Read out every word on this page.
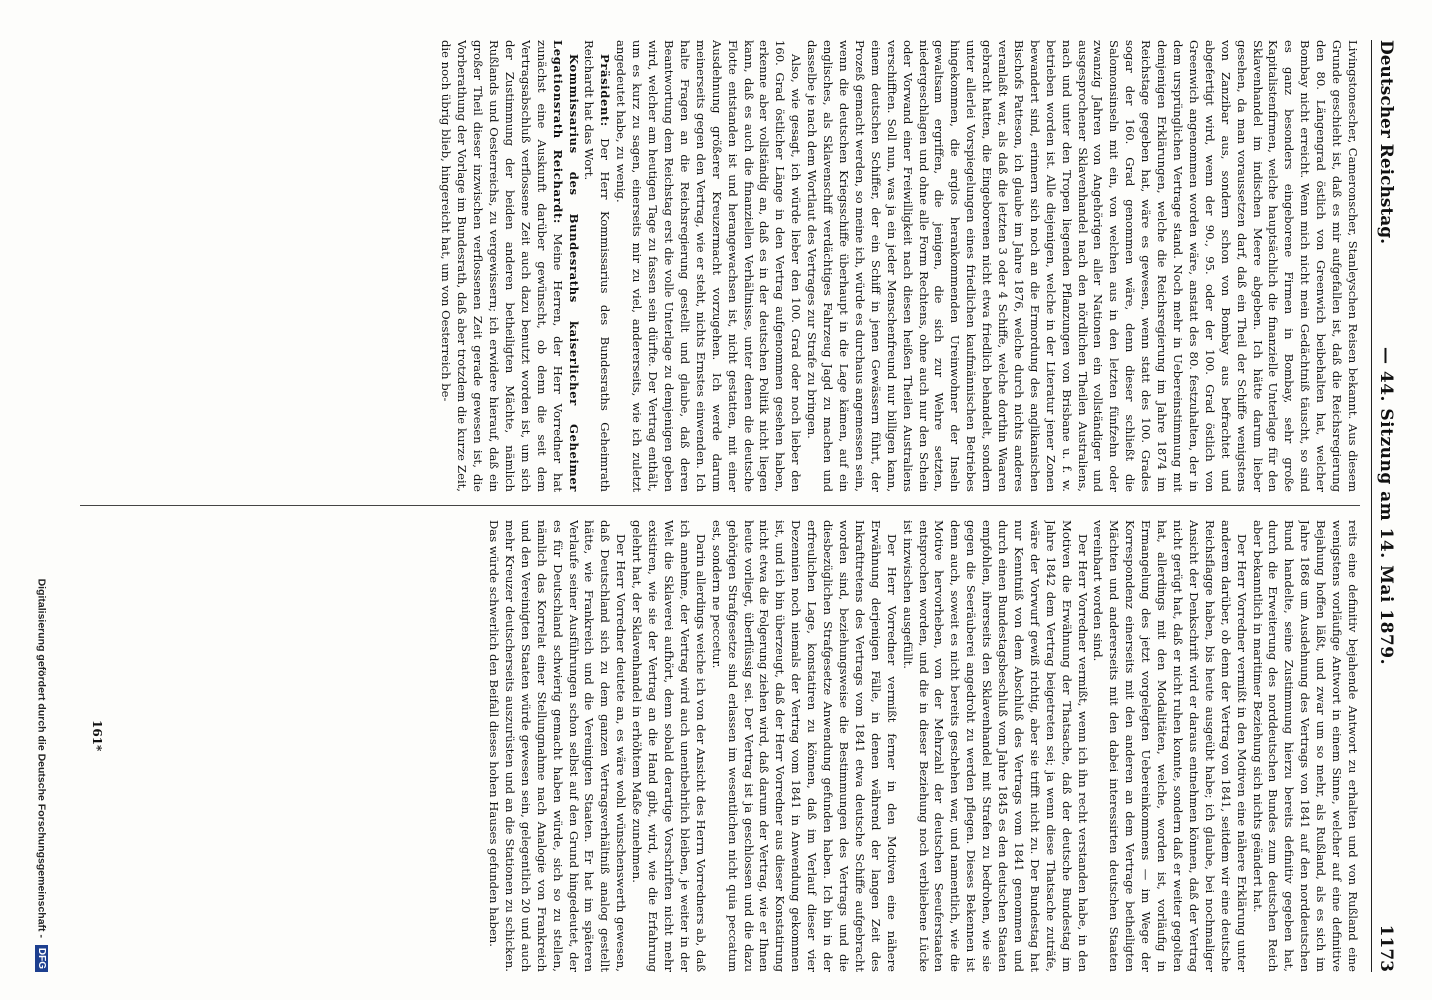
Deutscher Reichstag.
— 44. Sitzung am 14. Mai 1879.
1173

Livingstonescher, Cameronscher, Stanleyschen Reisen bekannt. Aus diesem Grunde geschieht ist, daß es mir aufgefallen ist, daß die Reichsregierung den 80. Längengrad östlich von Greenwich beibehalten hat, welcher Bombay nicht erreicht. Wenn mich nicht mein Gedächtniß täuscht, so sind es ganz besonders eingeborene Firmen in Bombay, sehr große Kapitalistenfirmen, welche hauptsächlich die finanzielle Unterlage für den Sklavenhandel im indischen Meere abgeben. Ich hätte darum lieber gesehen, da man voraussetzen darf, daß ein Theil der Schiffe wenigstens von Zanzibar aus, sondern schon von Bombay aus befrachtet und abgefertigt wird, wenn der 90., 95. oder der 100. Grad östlich von Greenwich angenommen worden wäre, anstatt des 80. festzuhalten, der in dem ursprünglichen Vertrage stand. Noch mehr in Uebereinstimmung mit demjenigen Erklärungen, welche die Reichsregierung im Jahre 1874 im Reichstage gegeben hat, wäre es gewesen, wenn statt des 100. Grades sogar der 160. Grad genommen wäre, denn dieser schließt die Salomonsinseln mit ein, von welchen aus in den letzten fünfzehn oder zwanzig Jahren von Angehörigen aller Nationen ein vollständiger und ausgesprochener Sklavenhandel nach den nördlichen Theilen Australiens, nach und unter den Tropen liegenden Pflanzungen von Brisbane u. f. w. betrieben worden ist. Alle diejenigen, welche in der Literatur jener Zonen bewandert sind, erinnern sich noch an die Ermordung des anglikanischen Bischofs Patteson, ich glaube im Jahre 1876, welche durch nichts anderes veranlaßt war, als daß die letzten 3 oder 4 Schiffe, welche dorthin Waaren gebracht hatten, die Eingeborenen nicht etwa friedlich behandelt, sondern unter allerlei Vorspiegelungen eines friedlichen kaufmännischen Betriebes hingekommen, die arglos herankommenden Ureinwohner der Inseln gewaltsam ergriffen, die jenigen, die sich zur Wehre setzten, niedergeschlagen und ohne alle Form Rechtens, ohne auch nur den Schein oder Vorwand einer Freiwilligkeit nach diesen heißen Theilen Australiens verschifften. Soll nun, was ja ein jeder Menschenfreund nur billigen kann, einem deutschen Schiffer, der ein Schiff in jenen Gewässern führt, der Prozeß gemacht werden, so meine ich, würde es durchaus angemessen sein, wenn die deutschen Kriegsschiffe überhaupt in die Lage kämen, auf ein englisches, als Sklavenschiff verdächtiges Fahrzeug Jagd zu machen und dasselbe je nach dem Wortlaut des Vertrages zur Strafe zu bringen.

Also, wie gesagt, ich würde lieber den 100. Grad oder noch lieber den 160. Grad östlicher Länge in den Vertrag aufgenommen gesehen haben, erkenne aber vollständig an, daß es in der deutschen Politik nicht liegen kann, daß es auch die finanziellen Verhältnisse, unter denen die deutsche Flotte entstanden ist und herangewachsen ist, nicht gestatten, mit einer Ausdehnung größerer Kreuzermacht vorzugehen. Ich werde darum meinerseits gegen den Vertrag, wie er steht, nichts Ernstes einwenden. Ich halte Fragen an die Reichsregierung gestellt und glaube, daß deren Beantwortung dem Reichstag erst die volle Unterlage zu demjenigen geben wird, welcher am heutigen Tage zu fassen sein dürfte. Der Vertrag enthält, um es kurz zu sagen, einerseits mir zu viel, andererseits, wie ich zuletzt angedeutet habe, zu wenig.

Präsident: Der Herr Kommissarius des Bundesraths Geheimrath Reichardt hat das Wort.

Kommissarius des Bundesraths kaiserlicher Geheimer Legationsrath Reichardt: Meine Herren, der Herr Vorredner hat zunächst eine Auskunft darüber gewünscht, ob denn die seit dem Vertragsabschluß verflossene Zeit auch dazu benutzt worden ist, um sich der Zustimmung der beiden anderen betheiligten Mächte, nämlich Rußlands und Oesterreichs, zu vergewissern; ich erwidere hierauf, daß ein großer Theil dieser inzwischen verflossenen Zeit gerade gewesen ist, die Vorberathung der Vorlage im Bundesrath, daß aber trotzdem die kurze Zeit, die noch übrig blieb, hingereicht hat, um von Oesterreich be-

reits eine definitiv bejahende Antwort zu erhalten und von Rußland eine wenigstens vorläufige Antwort in einem Sinne, welcher auf eine definitive Bejahung hoffen läßt, und zwar um so mehr, als Rußland, als es sich im Jahre 1868 um Ausdehnung des Vertrags von 1841 auf den norddeutschen Bund handelte, seine Zustimmung hierzu bereits definitiv gegeben hat, durch die Erweiterung des norddeutschen Bundes zum deutschen Reich aber bekanntlich in maritimer Beziehung sich nichts geändert hat.

Der Herr Vorredner vermißt in den Motiven eine nähere Erklärung unter anderem darüber, ob denn der Vertrag von 1841, seitdem wir eine deutsche Reichsflagge haben, bis heute ausgeübt habe; ich glaube, bei nochmaliger Ansicht der Denkschrift wird er daraus entnehmen können, daß der Vertrag nicht gerügt hat, daß er nicht ruhen konnte, sondern daß er weiter gegolten hat, allerdings mit den Modalitäten, welche, worden ist, vorläufig in Ermangelung des jetzt vorgelegten Uebereinkommens — im Wege der Korrespondenz einerseits mit den anderen an dem Vertrage betheiligten Mächten und andererseits mit den dabei interessirten deutschen Staaten vereinbart worden sind.

Der Herr Vorredner vermißt, wenn ich ihn recht verstanden habe, in den Motiven die Erwähnung der Thatsache, daß der deutsche Bundestag im Jahre 1842 dem Vertrag beigetreten sei; ja wenn diese Thatsache zuträfe, wäre der Vorwurf gewiß richtig, aber sie trifft nicht zu. Der Bundestag hat nur Kenntniß von dem Abschluß des Vertrags vom 1841 genommen und durch einen Bundestagsbeschluß vom Jahre 1845 es den deutschen Staaten empfohlen, ihrerseits den Sklavenhandel mit Strafen zu bedrohen, wie sie gegen die Seeräuberei angedroht zu werden pflegen. Dieses Bekennen ist denn auch, soweit es nicht bereits geschehen war, und namentlich, wie die Motive hervorheben, von der Mehrzahl der deutschen Seeuferstaaten entsprochen worden, und die in dieser Beziehung noch verbliebene Lücke ist inzwischen ausgefüllt.

Der Herr Vorredner vermißt ferner in den Motiven eine nähere Erwähnung derjenigen Fälle, in denen während der langen Zeit des Inkrafttretens des Vertrags vom 1841 etwa deutsche Schiffe aufgebracht worden sind, beziehungsweise die Bestimmungen des Vertrags und die diesbezüglichen Strafgesetze Anwendung gefunden haben. Ich bin in der erfreulichen Lage, konstatiren zu können, daß im Verlauf dieser vier Dezennien noch niemals der Vertrag vom 1841 in Anwendung gekommen ist, und ich bin überzeugt, daß der Herr Vorredner aus dieser Konstatirung nicht etwa die Folgerung ziehen wird, daß darum der Vertrag, wie er Ihnen heute vorliegt, überflüssig sei. Der Vertrag ist ja geschlossen und die dazu gehörigen Strafgesetze sind erlassen im wesentlichen nicht quia peccatum est, sondern ne peccetur.

Darin allerdings weiche ich von der Ansicht des Herrn Vorredners ab, daß ich annehme, der Vertrag wird auch unentbehrlich bleiben, je weiter in der Welt die Sklaverei aufhört, denn sobald derartige Vorschriften nicht mehr existiren, wie sie der Vertrag an die Hand gibt, wird, wie die Erfahrung gelehrt hat, der Sklavenhandel in erhöhtem Maße zunehmen.

Der Herr Vorredner deutete an, es wäre wohl wünschenswerth gewesen, daß Deutschland sich zu dem ganzen Vertragsverhältniß analog gestellt hätte, wie Frankreich und die Vereinigten Staaten. Er hat im späteren Verlaufe seiner Ausführungen schon selbst auf den Grund hingedeutet, der es für Deutschland schwierig gemacht haben würde, sich so zu stellen, nämlich das Korrelat einer Stellungnahme nach Analogie von Frankreich und den Vereinigten Staaten würde gewesen sein, gelegentlich 20 und auch mehr Kreuzer deutscherseits auszurüsten und an die Stationen zu schicken. Das würde schwerlich den Beifall dieses hohen Hauses gefunden haben.

161*
Digitalisierung gefördert durch die Deutsche Forschungsgemeinschaft - DFG
